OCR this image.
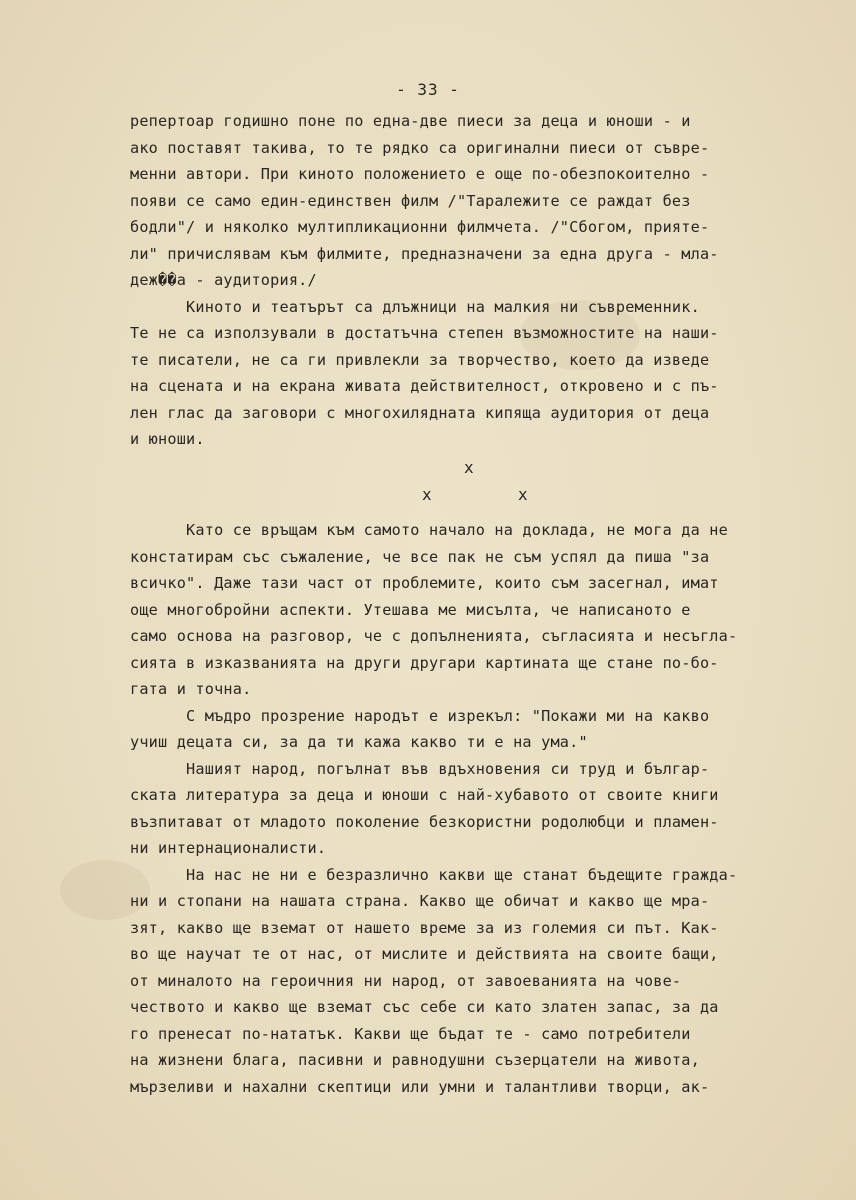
- 33 -
репертоар годишно поне по една-две пиеси за деца и юноши - и
ако поставят такива, то те рядко са оригинални пиеси от съвре-
менни автори. При киното положението е още по-обезпокоително -
появи се само един-единствен филм /"Таралежите се раждат без
бодли"/ и няколко мултипликационни филмчета. /"Сбогом, прияте-
ли" причислявам към филмите, предназначени за една друга - мла-
деж��а - аудитория./
Киното и театърът са длъжници на малкия ни съвременник.
Те не са използували в достатъчна степен възможностите на наши-
те писатели, не са ги привлекли за творчество, което да изведе
на сцената и на екрана живата действителност, откровено и с пъ-
лен глас да заговори с многохилядната кипяща аудитория от деца
и юноши.
x
x	x
Като се връщам към самото начало на доклада, не мога да не
констатирам със съжаление, че все пак не съм успял да пиша "за
всичко". Даже тази част от проблемите, които съм засегнал, имат
още многобройни аспекти. Утешава ме мисълта, че написаното е
само основа на разговор, че с допълненията, съгласията и несъгла-
сията в изказванията на други другари картината ще стане по-бо-
гата и точна.
С мъдро прозрение народът е изрекъл: "Покажи ми на какво
учиш децата си, за да ти кажа какво ти е на ума."
Нашият народ, погълнат във вдъхновения си труд и българ-
ската литература за деца и юноши с най-хубавото от своите книги
възпитават от младото поколение безкористни родолюбци и пламен-
ни интернационалисти.
На нас не ни е безразлично какви ще станат бъдещите гражда-
ни и стопани на нашата страна. Какво ще обичат и какво ще мра-
зят, какво ще вземат от нашето време за из големия си път. Как-
во ще научат те от нас, от мислите и действията на своите бащи,
от миналото на героичния ни народ, от завоеванията на чове-
чеството и какво ще вземат със себе си като златен запас, за да
го пренесат по-нататък. Какви ще бъдат те - само потребители
на жизнени блага, пасивни и равнодушни съзерцатели на живота,
мързеливи и нахални скептици или умни и талантливи творци, ак-
